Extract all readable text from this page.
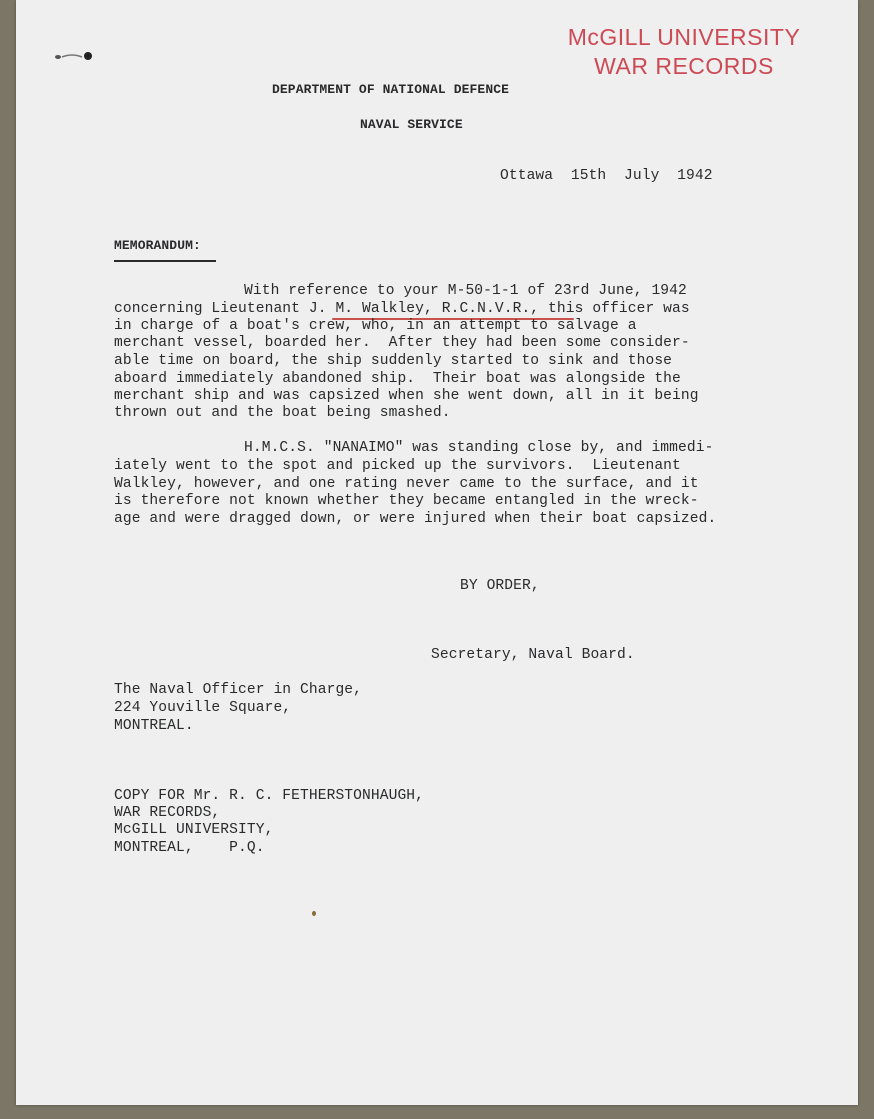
McGILL UNIVERSITY
WAR RECORDS
DEPARTMENT OF NATIONAL DEFENCE
NAVAL SERVICE
Ottawa  15th  July  1942
MEMORANDUM:
With reference to your M-50-1-1 of 23rd June, 1942
concerning Lieutenant J. M. Walkley, R.C.N.V.R., this officer was
in charge of a boat's crew, who, in an attempt to salvage a
merchant vessel, boarded her.  After they had been some consider-
able time on board, the ship suddenly started to sink and those
aboard immediately abandoned ship.  Their boat was alongside the
merchant ship and was capsized when she went down, all in it being
thrown out and the boat being smashed.
H.M.C.S. "NANAIMO" was standing close by, and immedi-
iately went to the spot and picked up the survivors.  Lieutenant
Walkley, however, and one rating never came to the surface, and it
is therefore not known whether they became entangled in the wreck-
age and were dragged down, or were injured when their boat capsized.
BY ORDER,
Secretary, Naval Board.
The Naval Officer in Charge,
224 Youville Square,
MONTREAL.
COPY FOR Mr. R. C. FETHERSTONHAUGH,
WAR RECORDS,
McGILL UNIVERSITY,
MONTREAL,    P.Q.
